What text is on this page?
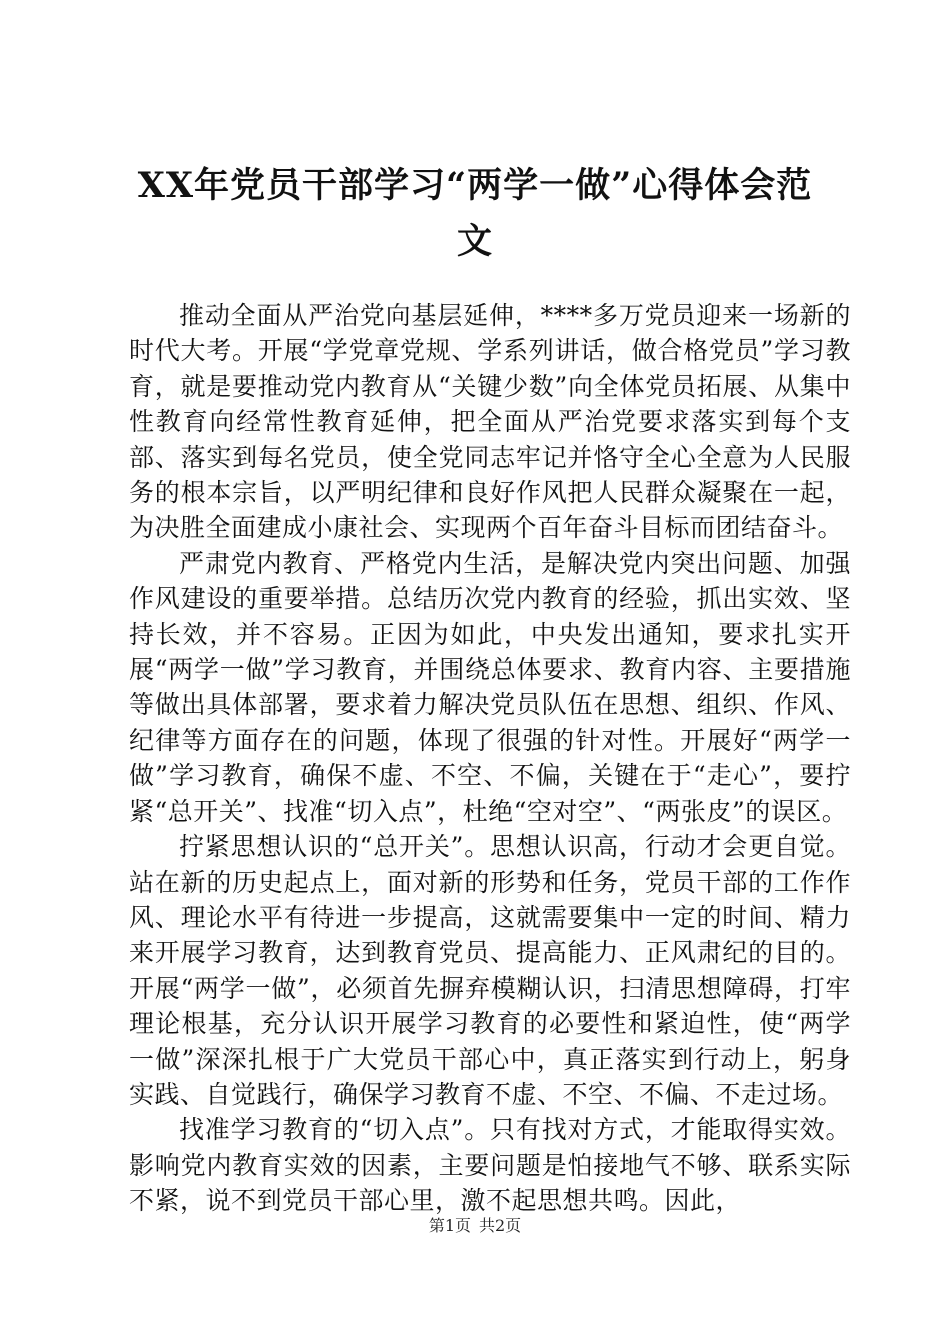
XX年党员干部学习“两学一做”心得体会范文

推动全面从严治党向基层延伸，****多万党员迎来一场新的时代大考。开展“学党章党规、学系列讲话，做合格党员”学习教育，就是要推动党内教育从“关键少数”向全体党员拓展、从集中性教育向经常性教育延伸，把全面从严治党要求落实到每个支部、落实到每名党员，使全党同志牢记并恪守全心全意为人民服务的根本宗旨，以严明纪律和良好作风把人民群众凝聚在一起，为决胜全面建成小康社会、实现两个百年奋斗目标而团结奋斗。

严肃党内教育、严格党内生活，是解决党内突出问题、加强作风建设的重要举措。总结历次党内教育的经验，抓出实效、坚持长效，并不容易。正因为如此，中央发出通知，要求扎实开展“两学一做”学习教育，并围绕总体要求、教育内容、主要措施等做出具体部署，要求着力解决党员队伍在思想、组织、作风、纪律等方面存在的问题，体现了很强的针对性。开展好“两学一做”学习教育，确保不虚、不空、不偏，关键在于“走心”，要拧紧“总开关”、找准“切入点”，杜绝“空对空”、“两张皮”的误区。

拧紧思想认识的“总开关”。思想认识高，行动才会更自觉。站在新的历史起点上，面对新的形势和任务，党员干部的工作作风、理论水平有待进一步提高，这就需要集中一定的时间、精力来开展学习教育，达到教育党员、提高能力、正风肃纪的目的。开展“两学一做”，必须首先摒弃模糊认识，扫清思想障碍，打牢理论根基，充分认识开展学习教育的必要性和紧迫性，使“两学一做”深深扎根于广大党员干部心中，真正落实到行动上，躬身实践、自觉践行，确保学习教育不虚、不空、不偏、不走过场。

找准学习教育的“切入点”。只有找对方式，才能取得实效。影响党内教育实效的因素，主要问题是怕接地气不够、联系实际不紧，说不到党员干部心里，激不起思想共鸣。因此，

第1页 共2页
